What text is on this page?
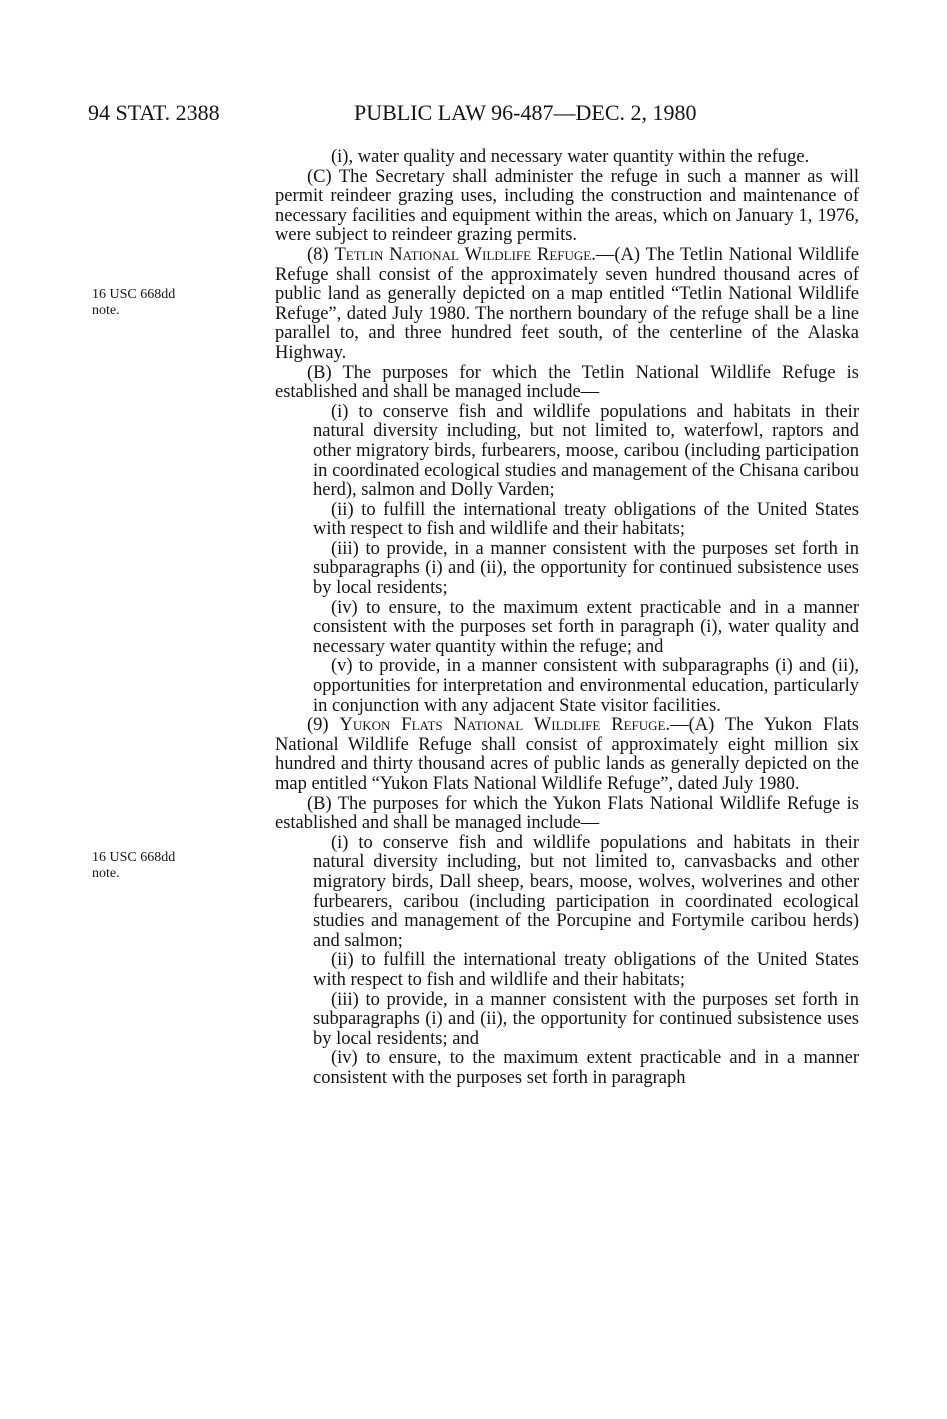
94 STAT. 2388	PUBLIC LAW 96-487—DEC. 2, 1980
16 USC 668dd
note.
16 USC 668dd
note.

(i), water quality and necessary water quantity within the refuge.

(C) The Secretary shall administer the refuge in such a manner as will permit reindeer grazing uses, including the construction and maintenance of necessary facilities and equipment within the areas, which on January 1, 1976, were subject to reindeer grazing permits.

(8) Tetlin National Wildlife Refuge.—(A) The Tetlin National Wildlife Refuge shall consist of the approximately seven hundred thousand acres of public land as generally depicted on a map entitled “Tetlin National Wildlife Refuge”, dated July 1980. The northern boundary of the refuge shall be a line parallel to, and three hundred feet south, of the centerline of the Alaska Highway.

(B) The purposes for which the Tetlin National Wildlife Refuge is established and shall be managed include—

(i) to conserve fish and wildlife populations and habitats in their natural diversity including, but not limited to, waterfowl, raptors and other migratory birds, furbearers, moose, caribou (including participation in coordinated ecological studies and management of the Chisana caribou herd), salmon and Dolly Varden;

(ii) to fulfill the international treaty obligations of the United States with respect to fish and wildlife and their habitats;

(iii) to provide, in a manner consistent with the purposes set forth in subparagraphs (i) and (ii), the opportunity for continued subsistence uses by local residents;

(iv) to ensure, to the maximum extent practicable and in a manner consistent with the purposes set forth in paragraph (i), water quality and necessary water quantity within the refuge; and

(v) to provide, in a manner consistent with subparagraphs (i) and (ii), opportunities for interpretation and environmental education, particularly in conjunction with any adjacent State visitor facilities.

(9) Yukon Flats National Wildlife Refuge.—(A) The Yukon Flats National Wildlife Refuge shall consist of approximately eight million six hundred and thirty thousand acres of public lands as generally depicted on the map entitled “Yukon Flats National Wildlife Refuge”, dated July 1980.

(B) The purposes for which the Yukon Flats National Wildlife Refuge is established and shall be managed include—

(i) to conserve fish and wildlife populations and habitats in their natural diversity including, but not limited to, canvasbacks and other migratory birds, Dall sheep, bears, moose, wolves, wolverines and other furbearers, caribou (including participation in coordinated ecological studies and management of the Porcupine and Fortymile caribou herds) and salmon;

(ii) to fulfill the international treaty obligations of the United States with respect to fish and wildlife and their habitats;

(iii) to provide, in a manner consistent with the purposes set forth in subparagraphs (i) and (ii), the opportunity for continued subsistence uses by local residents; and

(iv) to ensure, to the maximum extent practicable and in a manner consistent with the purposes set forth in paragraph
